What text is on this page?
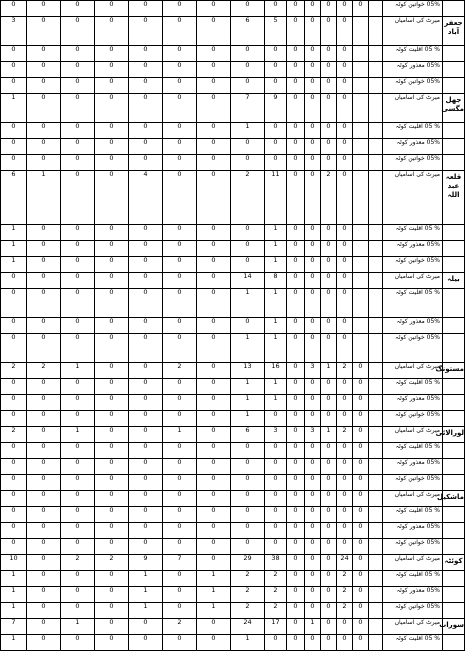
0	0	0	0	0	0	0	0	0	0	0	0	0	0		05% خواتین کوٹہ	
3	0	0	0	0	0	0	6	5	0	0	0	0			میرٹ کی آسامیاں	جعفر آباد
0	0	0	0	0	0	0	0	0	0	0	0	0			% 05 اقلیت کوٹہ	
0	0	0	0	0	0	0	0	0	0	0	0	0			05% معذور کوٹہ	
0	0	0	0	0	0	0	0	0	0	0	0	0			05% خواتین کوٹہ	
1	0	0	0	0	0	0	7	9	0	0	0	0			میرٹ کی آسامیاں	جھل مگسی
0	0	0	0	0	0	0	1	0	0	0	0	0			% 05 اقلیت کوٹہ	
0	0	0	0	0	0	0	0	0	0	0	0	0			05% معذور کوٹہ	
0	0	0	0	0	0	0	0	0	0	0	0	0			05% خواتین کوٹہ	
6	1	0	0	4	0	0	2	11	0	0	2	0			میرٹ کی آسامیاں	قلعہ عبد اللہ
1	0	0	0	0	0	0	0	1	0	0	0	0			% 05 اقلیت کوٹہ	
1	0	0	0	0	0	0	0	1	0	0	0	0			05% معذور کوٹہ	
1	0	0	0	0	0	0	0	1	0	0	0	0			05% خواتین کوٹہ	
0	0	0	0	0	0	0	14	8	0	0	0	0			میرٹ کی آسامیاں	بیلہ
0	0	0	0	0	0	0	1	1	0	0	0	0			% 05 اقلیت کوٹہ	
0	0	0	0	0	0	0	0	1	0	0	0	0			05% معذور کوٹہ	
0	0	0	0	0	0	0	1	1	0	0	0	0			05% خواتین کوٹہ	
2	2	1	0	0	2	0	13	16	0	3	1	2	0		میرٹ کی آسامیاں	مستونگ
0	0	0	0	0	0	0	1	1	0	0	0	0	0		% 05 اقلیت کوٹہ	
0	0	0	0	0	0	0	1	1	0	0	0	0	0		05% معذور کوٹہ	
0	0	0	0	0	0	0	1	0	0	0	0	0	0		05% خواتین کوٹہ	
2	0	1	0	0	1	0	6	3	0	3	1	2	0		میرٹ کی آسامیاں	لورالائی
0	0	0	0	0	0	0	0	0	0	0	0	0	0		% 05 اقلیت کوٹہ	
0	0	0	0	0	0	0	0	0	0	0	0	0	0		05% معذور کوٹہ	
0	0	0	0	0	0	0	0	0	0	0	0	0	0		05% خواتین کوٹہ	
0	0	0	0	0	0	0	0	0	0	0	0	0	0		میرٹ کی آسامیاں	ماشکیل
0	0	0	0	0	0	0	0	0	0	0	0	0	0		% 05 اقلیت کوٹہ	
0	0	0	0	0	0	0	0	0	0	0	0	0	0		05% معذور کوٹہ	
0	0	0	0	0	0	0	0	0	0	0	0	0	0		05% خواتین کوٹہ	
10	0	2	2	9	7	0	29	38	0	0	0	24	0		میرٹ کی آسامیاں	کوئٹہ
1	0	0	0	1	0	1	2	2	0	0	0	2	0		% 05 اقلیت کوٹہ	
1	0	0	0	1	0	1	2	2	0	0	0	2	0		05% معذور کوٹہ	
1	0	0	0	1	0	1	2	2	0	0	0	2	0		05% خواتین کوٹہ	
7	0	1	0	0	2	0	24	17	0	1	0	0	0		میرٹ کی آسامیاں	سوراب
1	0	0	0	0	0	0	1	0	0	0	0	0	0		% 05 اقلیت کوٹہ	
